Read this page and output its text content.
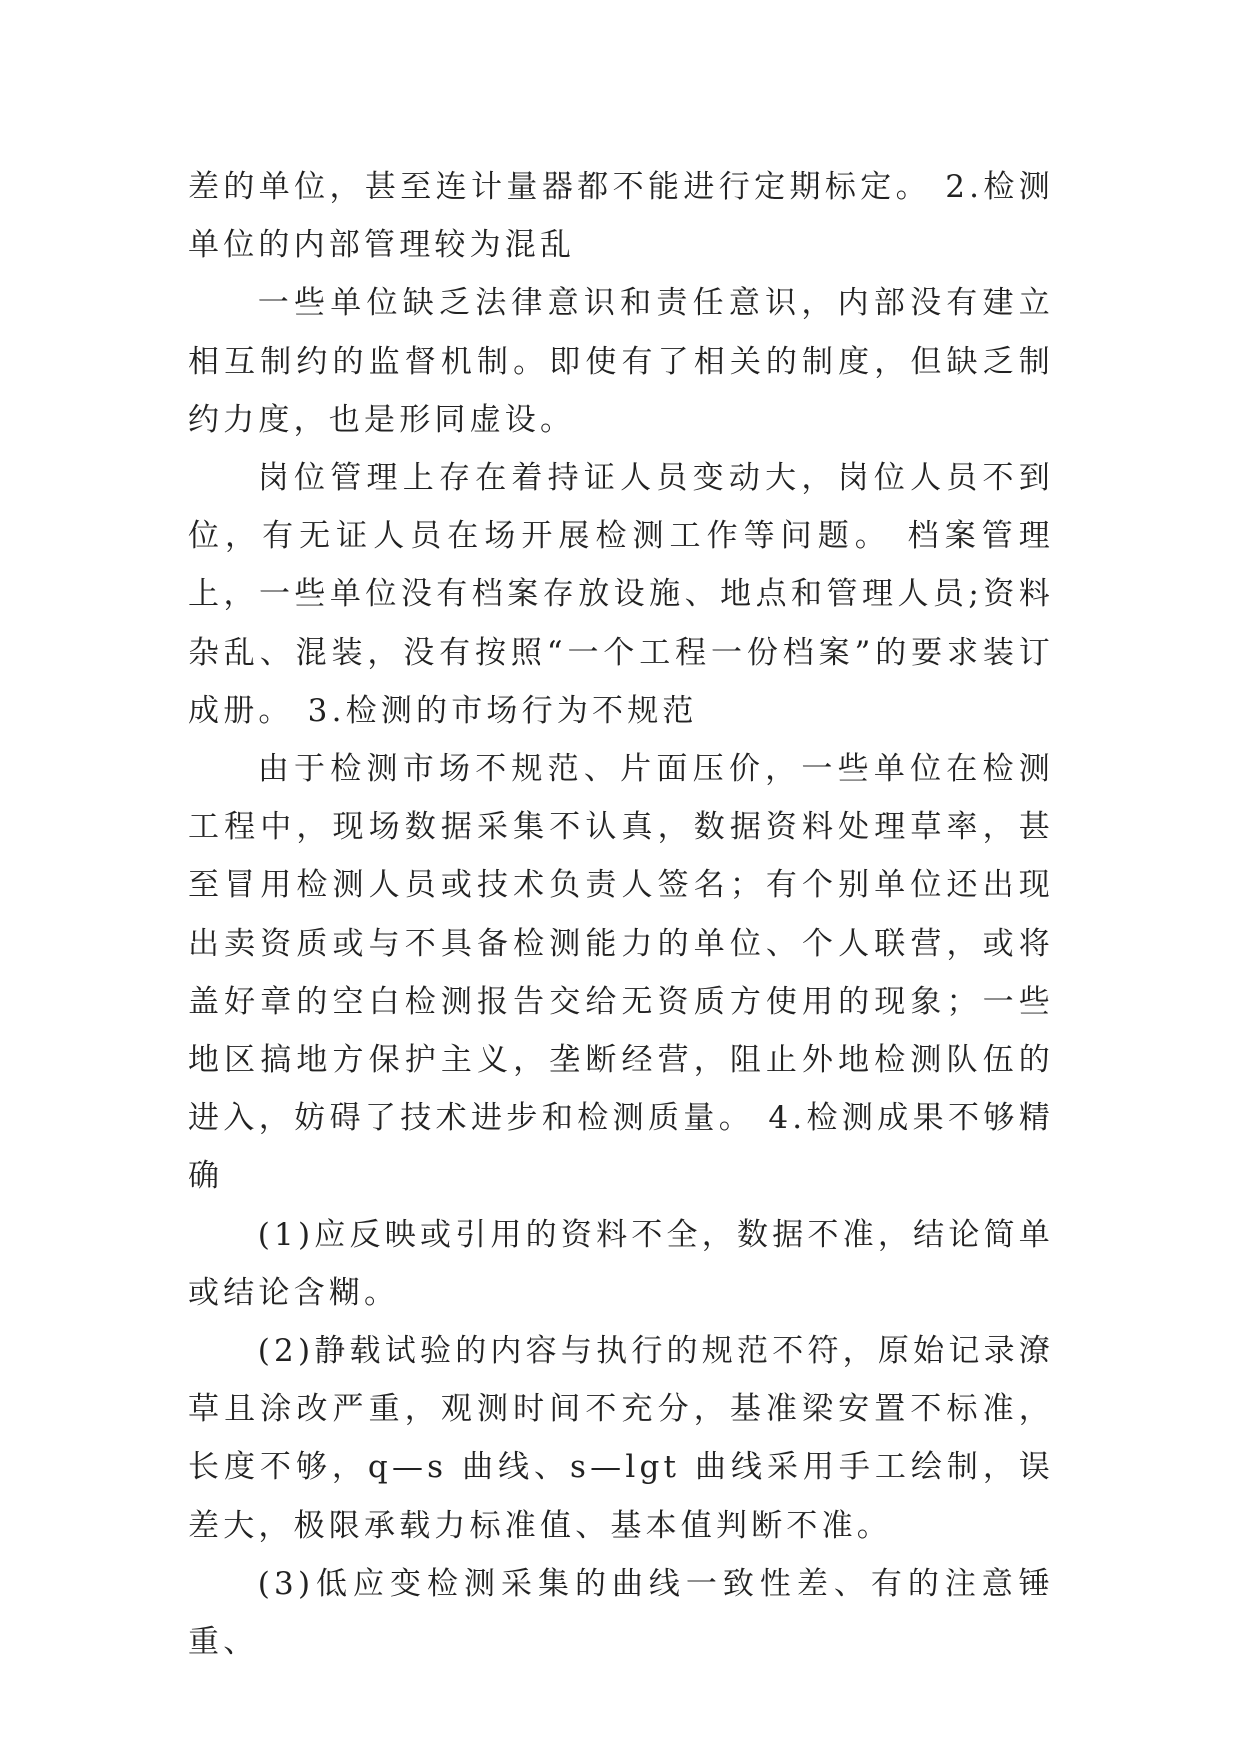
差的单位，甚至连计量器都不能进行定期标定。 2.检测单位的内部管理较为混乱

一些单位缺乏法律意识和责任意识，内部没有建立相互制约的监督机制。即使有了相关的制度，但缺乏制约力度，也是形同虚设。

岗位管理上存在着持证人员变动大，岗位人员不到位，有无证人员在场开展检测工作等问题。 档案管理上，一些单位没有档案存放设施、地点和管理人员;资料杂乱、混装，没有按照“一个工程一份档案”的要求装订成册。 3.检测的市场行为不规范

由于检测市场不规范、片面压价，一些单位在检测工程中，现场数据采集不认真，数据资料处理草率，甚至冒用检测人员或技术负责人签名；有个别单位还出现出卖资质或与不具备检测能力的单位、个人联营，或将盖好章的空白检测报告交给无资质方使用的现象；一些地区搞地方保护主义，垄断经营，阻止外地检测队伍的进入，妨碍了技术进步和检测质量。 4.检测成果不够精确

(1)应反映或引用的资料不全，数据不准，结论简单或结论含糊。

(2)静载试验的内容与执行的规范不符，原始记录潦草且涂改严重，观测时间不充分，基准梁安置不标准，长度不够，q—s 曲线、s—lgt 曲线采用手工绘制，误差大，极限承载力标准值、基本值判断不准。

(3)低应变检测采集的曲线一致性差、有的注意锤重、
